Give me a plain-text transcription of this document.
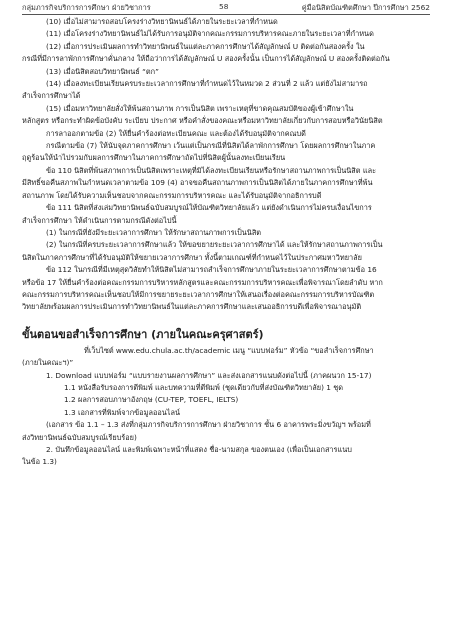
กลุ่มภารกิจบริการการศึกษา ฝ่ายวิชาการ	58	คู่มือนิสิตบัณฑิตศึกษา ปีการศึกษา 2562

(10) เมื่อไม่สามารถสอบโครงร่างวิทยานิพนธ์ได้ภายในระยะเวลาที่กำหนด

(11) เมื่อโครงร่างวิทยานิพนธ์ไม่ได้รับการอนุมัติจากคณะกรรมการบริหารคณะภายในระยะเวลาที่กำหนด

(12) เมื่อการประเมินผลการทำวิทยานิพนธ์ในแต่ละภาคการศึกษาได้สัญลักษณ์ U ติดต่อกันสองครั้ง ใน

กรณีที่มีการลาพักการศึกษาคั่นกลาง ให้ถือว่าการได้สัญลักษณ์ U สองครั้งนั้น เป็นการได้สัญลักษณ์ U สองครั้งติดต่อกัน

(13) เมื่อนิสิตสอบวิทยานิพนธ์ “ตก”

(14) เมื่อลงทะเบียนเรียนครบระยะเวลาการศึกษาที่กำหนดไว้ในหมวด 2 ส่วนที่ 2 แล้ว แต่ยังไม่สามารถ

สำเร็จการศึกษาได้

(15) เมื่อมหาวิทยาลัยสั่งให้พ้นสถานภาพ การเป็นนิสิต เพราะเหตุที่ขาดคุณสมบัติของผู้เข้าศึกษาใน

หลักสูตร หรือกระทำผิดข้อบังคับ ระเบียบ ประกาศ หรือคำสั่งของคณะหรือมหาวิทยาลัยเกี่ยวกับการสอบหรือวินัยนิสิต

การลาออกตามข้อ (2) ให้ยื่นคำร้องต่อทะเบียนคณะ และต้องได้รับอนุมัติจากคณบดี

กรณีตามข้อ (7) ให้นับจุดภาคการศึกษา เว้นแต่เป็นกรณีที่นิสิตได้ลาพักการศึกษา โดยผลการศึกษาในภาค

ฤดูร้อนให้นำไปรวมกับผลการศึกษาในภาคการศึกษาถัดไปที่นิสิตผู้นั้นลงทะเบียนเรียน

ข้อ 110 นิสิตที่พ้นสภาพการเป็นนิสิตเพราะเหตุที่มิได้ลงทะเบียนเรียนหรือรักษาสถานภาพการเป็นนิสิต และ

มีสิทธิ์ขอคืนสภาพในกำหนดเวลาตามข้อ 109 (4) อาจขอคืนสถานภาพการเป็นนิสิตได้ภายในภาคการศึกษาที่พ้น

สถานภาพ โดยได้รับความเห็นชอบจากคณะกรรมการบริหารคณะ และได้รับอนุมัติจากอธิการบดี

ข้อ 111 นิสิตที่ส่งเล่มวิทยานิพนธ์ฉบับสมบูรณ์ให้บัณฑิตวิทยาลัยแล้ว แต่ยังดำเนินการไม่ครบเงื่อนไขการ

สำเร็จการศึกษา ให้ดำเนินการตามกรณีดังต่อไปนี้

(1) ในกรณีที่ยังมีระยะเวลาการศึกษา ให้รักษาสถานภาพการเป็นนิสิต

(2) ในกรณีที่ครบระยะเวลาการศึกษาแล้ว ให้ขอขยายระยะเวลาการศึกษาได้ และให้รักษาสถานภาพการเป็น

นิสิตในภาคการศึกษาที่ได้รับอนุมัติให้ขยายเวลาการศึกษา ทั้งนี้ตามเกณฑ์ที่กำหนดไว้ในประกาศมหาวิทยาลัย

ข้อ 112 ในกรณีที่มีเหตุสุดวิสัยทำให้นิสิตไม่สามารถสำเร็จการศึกษาภายในระยะเวลาการศึกษาตามข้อ 16

หรือข้อ 17 ให้ยื่นคำร้องต่อคณะกรรมการบริหารหลักสูตรและคณะกรรมการบริหารคณะเพื่อพิจารณาโดยลำดับ หาก

คณะกรรมการบริหารคณะเห็นชอบให้มีการขยายระยะเวลาการศึกษาให้เสนอเรื่องต่อคณะกรรมการบริหารบัณฑิต

วิทยาลัยพร้อมผลการประเมินการทำวิทยานิพนธ์ในแต่ละภาคการศึกษาและเสนออธิการบดีเพื่อพิจารณาอนุมัติ

ขั้นตอนขอสำเร็จการศึกษา (ภายในคณะครุศาสตร์)

ที่เว็บไซต์ www.edu.chula.ac.th/academic เมนู “แบบฟอร์ม” หัวข้อ “ขอสำเร็จการศึกษา

(ภายในคณะฯ)”

1. Download แบบฟอร์ม “แบบรายงานผลการศึกษา” และส่งเอกสารแนบดังต่อไปนี้ (ภาคผนวก 15-17)

1.1 หนังสือรับรองการตีพิมพ์ และบทความที่ตีพิมพ์ (ชุดเดียวกับที่ส่งบัณฑิตวิทยาลัย) 1 ชุด

1.2 ผลการสอบภาษาอังกฤษ (CU-TEP, TOEFL, IELTS)

1.3 เอกสารที่พิมพ์จากข้อมูลออนไลน์

(เอกสาร ข้อ 1.1 – 1.3 ส่งที่กลุ่มภารกิจบริการการศึกษา ฝ่ายวิชาการ ชั้น 6 อาคารพระมิ่งขวัญฯ พร้อมที่

ส่งวิทยานิพนธ์ฉบับสมบูรณ์เรียบร้อย)

2. บันทึกข้อมูลออนไลน์ และพิมพ์เฉพาะหน้าที่แสดง ชื่อ-นามสกุล ของตนเอง (เพื่อเป็นเอกสารแนบ

ในข้อ 1.3)
